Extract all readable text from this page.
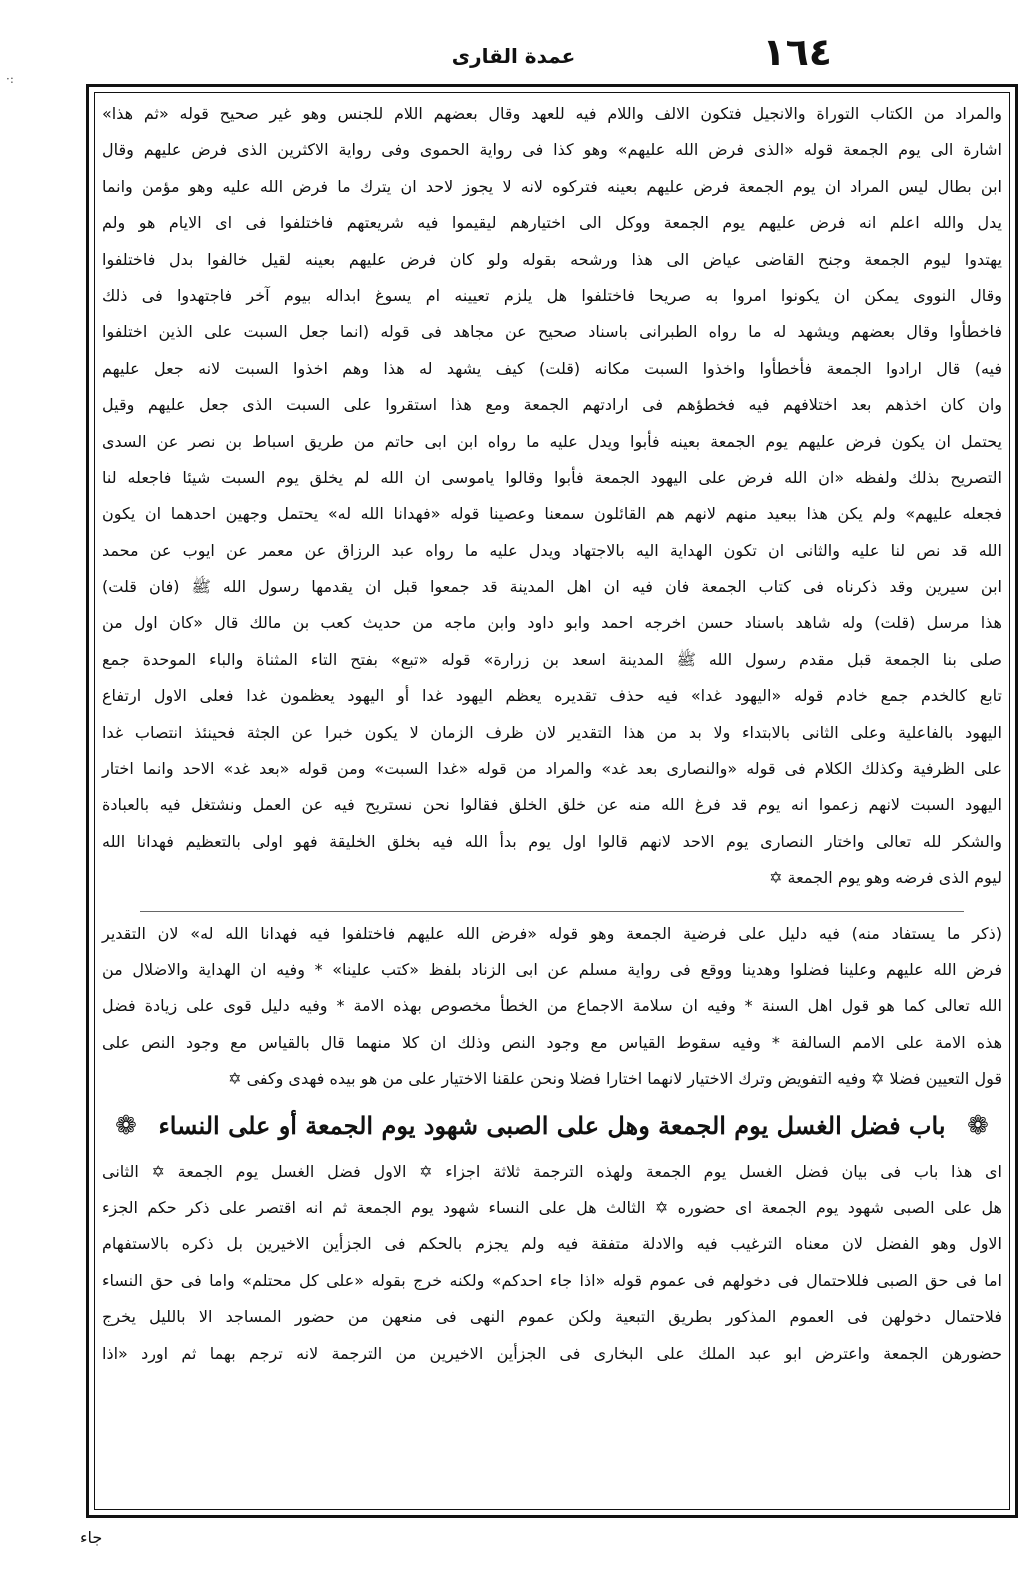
·:
عمدة القارى	١٦٤
والمراد من الكتاب التوراة والانجيل فتكون الالف واللام فيه للعهد وقال بعضهم اللام للجنس وهو غير صحيح قوله «ثم هذا»
اشارة الى يوم الجمعة قوله «الذى فرض الله عليهم» وهو كذا فى رواية الحموى وفى رواية الاكثرين الذى فرض عليهم وقال
ابن بطال ليس المراد ان يوم الجمعة فرض عليهم بعينه فتركوه لانه لا يجوز لاحد ان يترك ما فرض الله عليه وهو مؤمن وانما
يدل والله اعلم انه فرض عليهم يوم الجمعة ووكل الى اختيارهم ليقيموا فيه شريعتهم فاختلفوا فى اى الايام هو ولم
يهتدوا ليوم الجمعة وجنح القاضى عياض الى هذا ورشحه بقوله ولو كان فرض عليهم بعينه لقيل خالفوا بدل فاختلفوا
وقال النووى يمكن ان يكونوا امروا به صريحا فاختلفوا هل يلزم تعيينه ام يسوغ ابداله بيوم آخر فاجتهدوا فى ذلك
فاخطأوا وقال بعضهم ويشهد له ما رواه الطبرانى باسناد صحيح عن مجاهد فى قوله (انما جعل السبت على الذين اختلفوا
فيه) قال ارادوا الجمعة فأخطأوا واخذوا السبت مكانه (قلت) كيف يشهد له هذا وهم اخذوا السبت لانه جعل عليهم
وان كان اخذهم بعد اختلافهم فيه فخطؤهم فى ارادتهم الجمعة ومع هذا استقروا على السبت الذى جعل عليهم وقيل
يحتمل ان يكون فرض عليهم يوم الجمعة بعينه فأبوا ويدل عليه ما رواه ابن ابى حاتم من طريق اسباط بن نصر عن السدى
التصريح بذلك ولفظه «ان الله فرض على اليهود الجمعة فأبوا وقالوا ياموسى ان الله لم يخلق يوم السبت شيئا فاجعله لنا
فجعله عليهم» ولم يكن هذا ببعيد منهم لانهم هم القائلون سمعنا وعصينا قوله «فهدانا الله له» يحتمل وجهين احدهما ان يكون
الله قد نص لنا عليه والثانى ان تكون الهداية اليه بالاجتهاد ويدل عليه ما رواه عبد الرزاق عن معمر عن ايوب عن محمد
ابن سيرين وقد ذكرناه فى كتاب الجمعة فان فيه ان اهل المدينة قد جمعوا قبل ان يقدمها رسول الله ﷺ (فان قلت)
هذا مرسل (قلت) وله شاهد باسناد حسن اخرجه احمد وابو داود وابن ماجه من حديث كعب بن مالك قال «كان اول من
صلى بنا الجمعة قبل مقدم رسول الله ﷺ المدينة اسعد بن زرارة» قوله «تبع» بفتح التاء المثناة والباء الموحدة جمع
تابع كالخدم جمع خادم قوله «اليهود غدا» فيه حذف تقديره يعظم اليهود غدا أو اليهود يعظمون غدا فعلى الاول ارتفاع
اليهود بالفاعلية وعلى الثانى بالابتداء ولا بد من هذا التقدير لان ظرف الزمان لا يكون خبرا عن الجثة فحينئذ انتصاب غدا
على الظرفية وكذلك الكلام فى قوله «والنصارى بعد غد» والمراد من قوله «غدا السبت» ومن قوله «بعد غد» الاحد وانما اختار
اليهود السبت لانهم زعموا انه يوم قد فرغ الله منه عن خلق الخلق فقالوا نحن نستريح فيه عن العمل ونشتغل فيه بالعبادة
والشكر لله تعالى واختار النصارى يوم الاحد لانهم قالوا اول يوم بدأ الله فيه بخلق الخليقة فهو اولى بالتعظيم فهدانا الله
ليوم الذى فرضه وهو يوم الجمعة ✡
(ذكر ما يستفاد منه) فيه دليل على فرضية الجمعة وهو قوله «فرض الله عليهم فاختلفوا فيه فهدانا الله له» لان التقدير
فرض الله عليهم وعلينا فضلوا وهدينا ووقع فى رواية مسلم عن ابى الزناد بلفظ «كتب علينا» * وفيه ان الهداية والاضلال من
الله تعالى كما هو قول اهل السنة * وفيه ان سلامة الاجماع من الخطأ مخصوص بهذه الامة * وفيه دليل قوى على زيادة فضل
هذه الامة على الامم السالفة * وفيه سقوط القياس مع وجود النص وذلك ان كلا منهما قال بالقياس مع وجود النص على
قول التعيين فضلا ✡ وفيه التفويض وترك الاختيار لانهما اختارا فضلا ونحن علقنا الاختيار على من هو بيده فهدى وكفى ✡
❁
باب فضل الغسل يوم الجمعة وهل على الصبى شهود يوم الجمعة أو على النساء
❁
اى هذا باب فى بيان فضل الغسل يوم الجمعة ولهذه الترجمة ثلاثة اجزاء ✡ الاول فضل الغسل يوم الجمعة ✡ الثانى
هل على الصبى شهود يوم الجمعة اى حضوره ✡ الثالث هل على النساء شهود يوم الجمعة ثم انه اقتصر على ذكر حكم الجزء
الاول وهو الفضل لان معناه الترغيب فيه والادلة متفقة فيه ولم يجزم بالحكم فى الجزأين الاخيرين بل ذكره بالاستفهام
اما فى حق الصبى فللاحتمال فى دخولهم فى عموم قوله «اذا جاء احدكم» ولكنه خرج بقوله «على كل محتلم» واما فى حق النساء
فلاحتمال دخولهن فى العموم المذكور بطريق التبعية ولكن عموم النهى فى منعهن من حضور المساجد الا بالليل يخرج
حضورهن الجمعة واعترض ابو عبد الملك على البخارى فى الجزأين الاخيرين من الترجمة لانه ترجم بهما ثم اورد «اذا
جاء
